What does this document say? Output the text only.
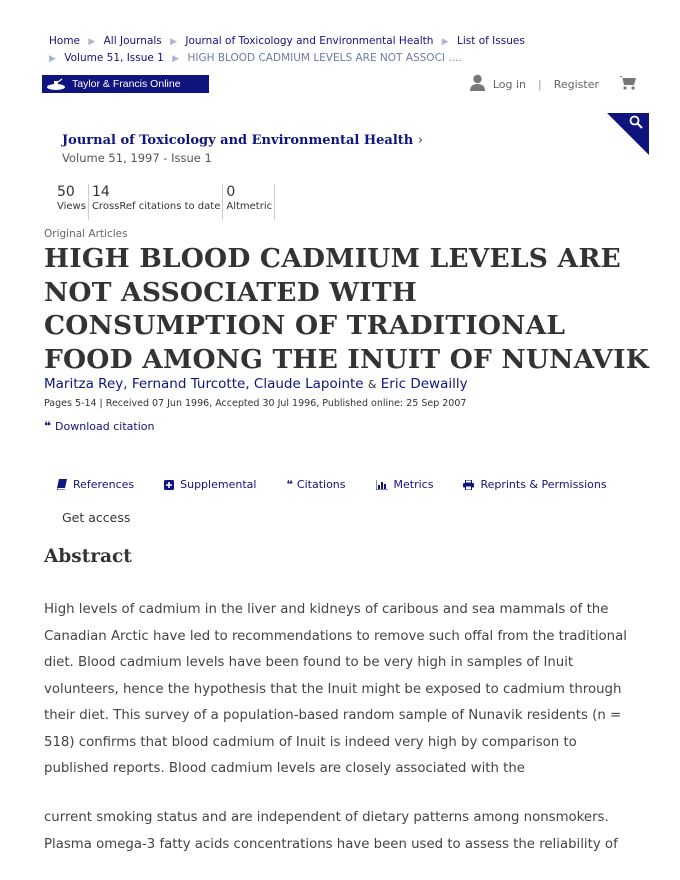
Home ▶ All Journals ▶ Journal of Toxicology and Environmental Health ▶ List of Issues
▶ Volume 51, Issue 1 ▶ HIGH BLOOD CADMIUM LEVELS ARE NOT ASSOCI ....
Taylor & Francis Online	Log in | Register
Journal of Toxicology and Environmental Health ›
Volume 51, 1997 - Issue 1
50
Views
14
CrossRef citations to date
0
Altmetric
Original Articles
HIGH BLOOD CADMIUM LEVELS ARE NOT ASSOCIATED WITH CONSUMPTION OF TRADITIONAL FOOD AMONG THE INUIT OF NUNAVIK
Maritza Rey, Fernand Turcotte, Claude Lapointe & Eric Dewailly
Pages 5-14 | Received 07 Jun 1996, Accepted 30 Jul 1996, Published online: 25 Sep 2007
❝ Download citation
References	Supplemental	❝ Citations	Metrics	Reprints & Permissions
Get access
Abstract
High levels of cadmium in the liver and kidneys of caribous and sea mammals of the Canadian Arctic have led to recommendations to remove such offal from the traditional diet. Blood cadmium levels have been found to be very high in samples of Inuit volunteers, hence the hypothesis that the Inuit might be exposed to cadmium through their diet. This survey of a population-based random sample of Nunavik residents (n = 518) confirms that blood cadmium of Inuit is indeed very high by comparison to published reports. Blood cadmium levels are closely associated with the
current smoking status and are independent of dietary patterns among nonsmokers. Plasma omega-3 fatty acids concentrations have been used to assess the reliability of
